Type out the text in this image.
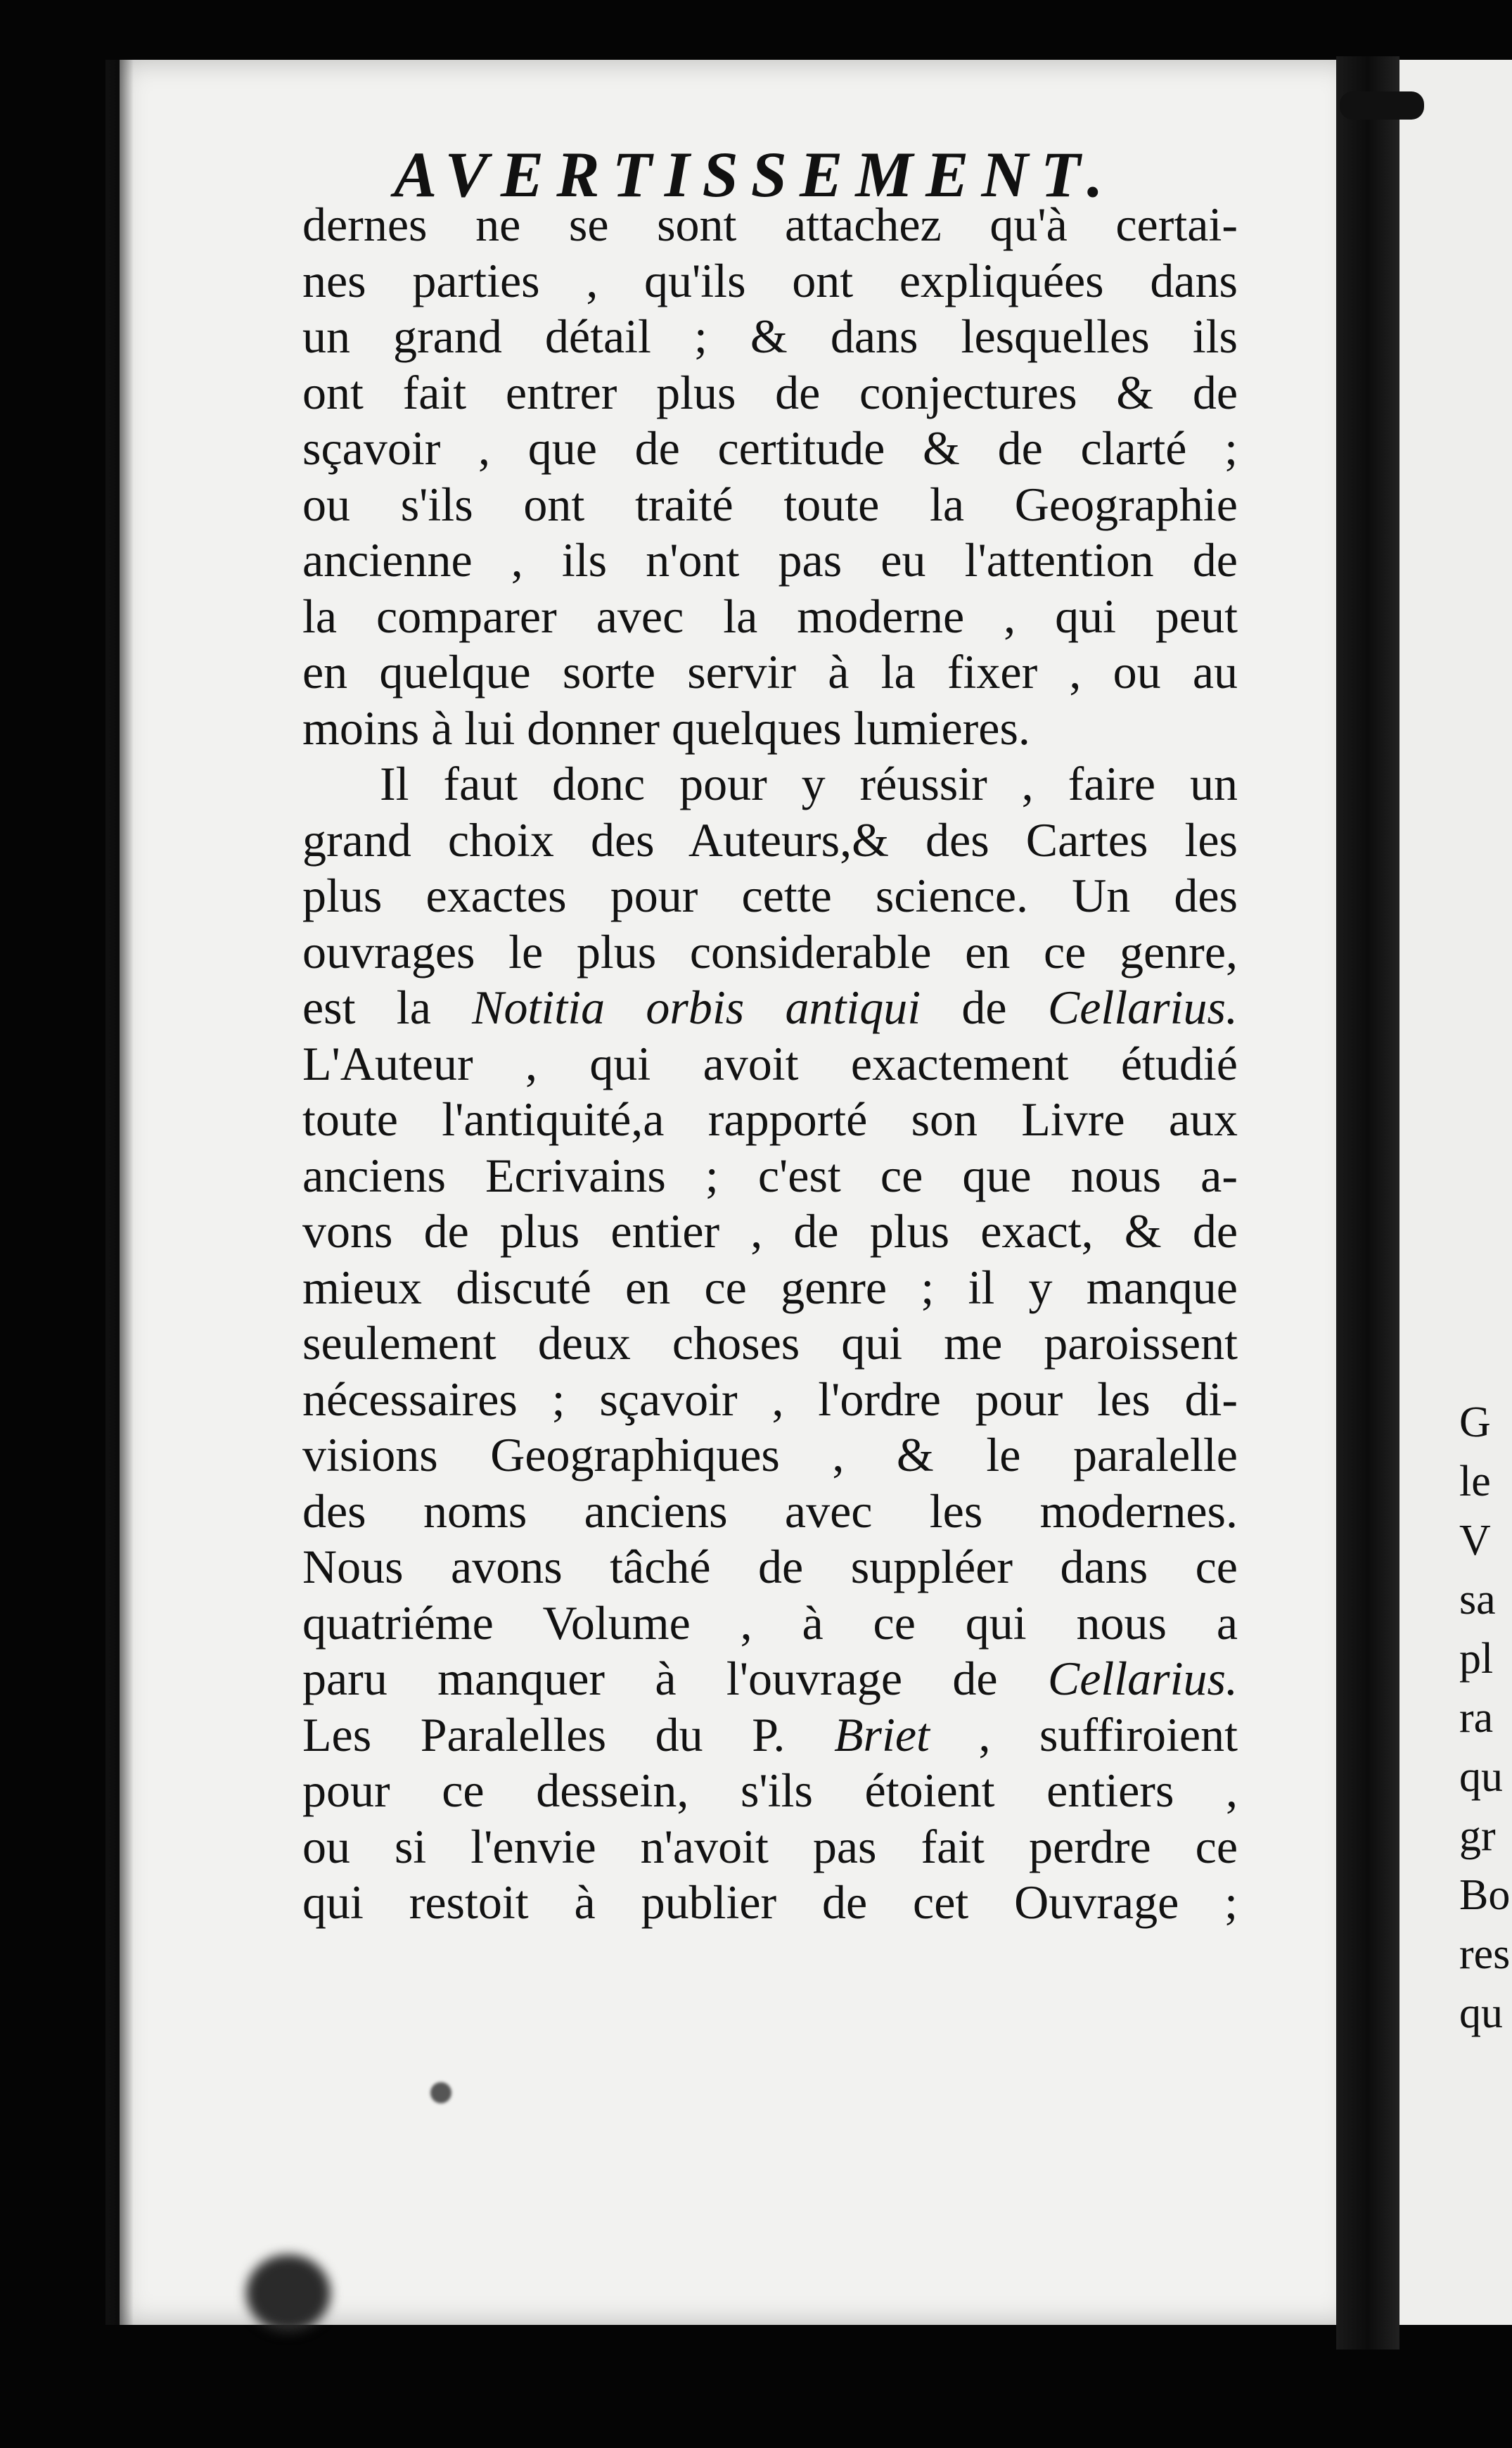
G
le
V
sa
pl
ra
qu
gr
Bo
res
qu
AVERTISSEMENT.
dernes ne se sont attachez qu'à certai-
nes parties , qu'ils ont expliquées dans
un grand détail ; & dans lesquelles ils
ont fait entrer plus de conjectures & de
sçavoir , que de certitude & de clarté ;
ou s'ils ont traité toute la Geographie
ancienne , ils n'ont pas eu l'attention de
la comparer avec la moderne , qui peut
en quelque sorte servir à la fixer , ou au
moins à lui donner quelques lumieres.
Il faut donc pour y réussir , faire un
grand choix des Auteurs,& des Cartes les
plus exactes pour cette science. Un des
ouvrages le plus considerable en ce genre,
est la Notitia orbis antiqui de Cellarius.
L'Auteur , qui avoit exactement étudié
toute l'antiquité,a rapporté son Livre aux
anciens Ecrivains ; c'est ce que nous a-
vons de plus entier , de plus exact, & de
mieux discuté en ce genre ; il y manque
seulement deux choses qui me paroissent
nécessaires ; sçavoir , l'ordre pour les di-
visions Geographiques , & le paralelle
des noms anciens avec les modernes.
Nous avons tâché de suppléer dans ce
quatriéme Volume , à ce qui nous a
paru manquer à l'ouvrage de Cellarius.
Les Paralelles du P. Briet , suffiroient
pour ce dessein, s'ils étoient entiers ,
ou si l'envie n'avoit pas fait perdre ce
qui restoit à publier de cet Ouvrage ;
